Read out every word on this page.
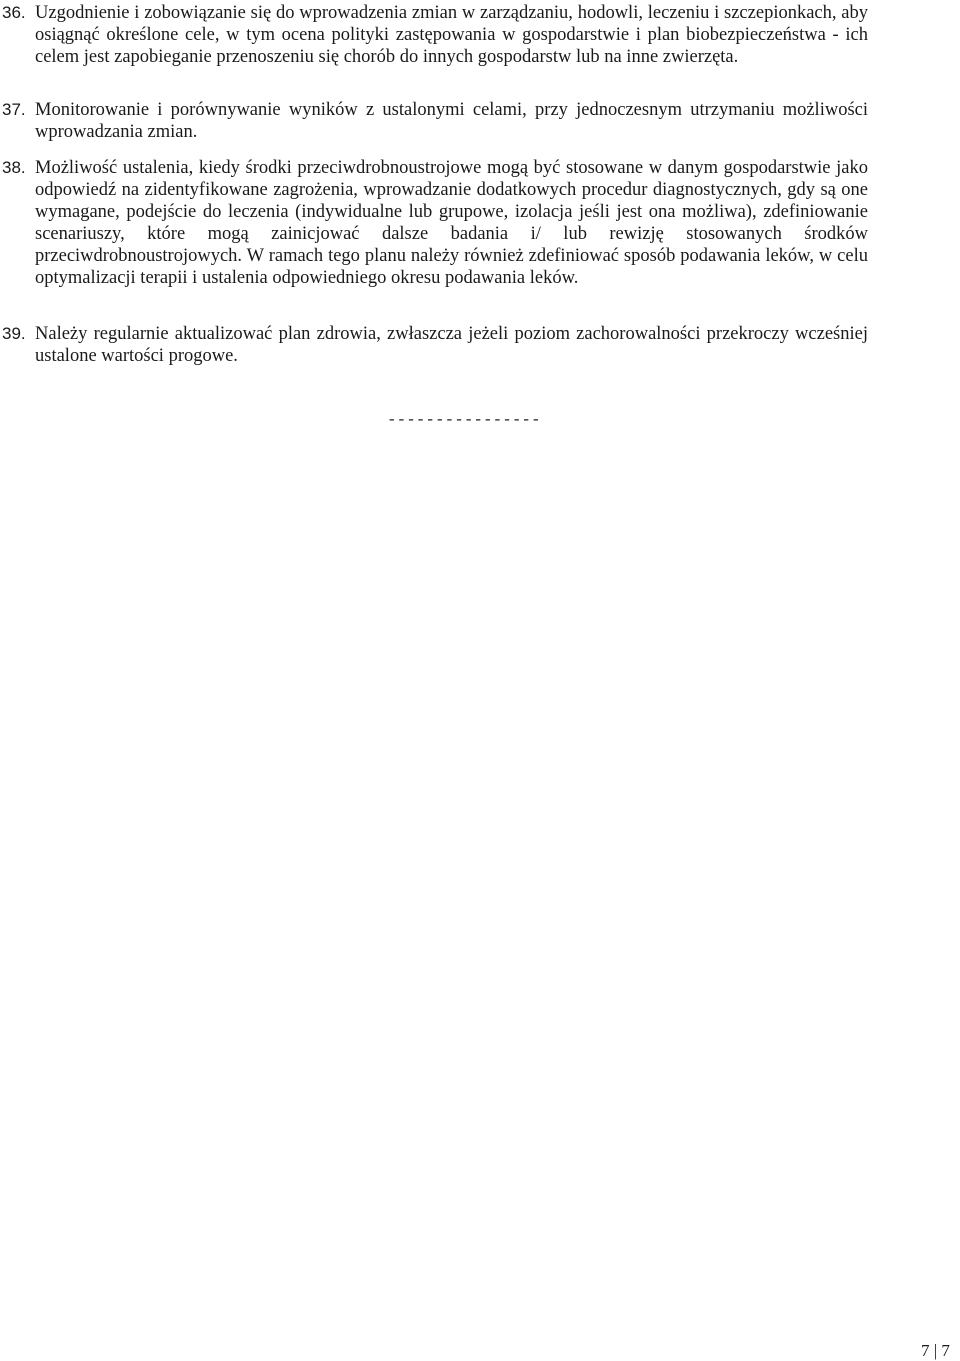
36. Uzgodnienie i zobowiązanie się do wprowadzenia zmian w zarządzaniu, hodowli, leczeniu i szczepionkach, aby osiągnąć określone cele, w tym ocena polityki zastępowania w gospodarstwie i plan biobezpieczeństwa - ich celem jest zapobieganie przenoszeniu się chorób do innych gospodarstw lub na inne zwierzęta.
37. Monitorowanie i porównywanie wyników z ustalonymi celami, przy jednoczesnym utrzymaniu możliwości wprowadzania zmian.
38. Możliwość ustalenia, kiedy środki przeciwdrobnoustrojowe mogą być stosowane w danym gospodarstwie jako odpowiedź na zidentyfikowane zagrożenia, wprowadzanie dodatkowych procedur diagnostycznych, gdy są one wymagane, podejście do leczenia (indywidualne lub grupowe, izolacja jeśli jest ona możliwa), zdefiniowanie scenariuszy, które mogą zainicjować dalsze badania i/ lub rewizję stosowanych środków przeciwdrobnoustrojowych. W ramach tego planu należy również zdefiniować sposób podawania leków, w celu optymalizacji terapii i ustalenia odpowiedniego okresu podawania leków.
39. Należy regularnie aktualizować plan zdrowia, zwłaszcza jeżeli poziom zachorowalności przekroczy wcześniej ustalone wartości progowe.
----------------
7 | 7
